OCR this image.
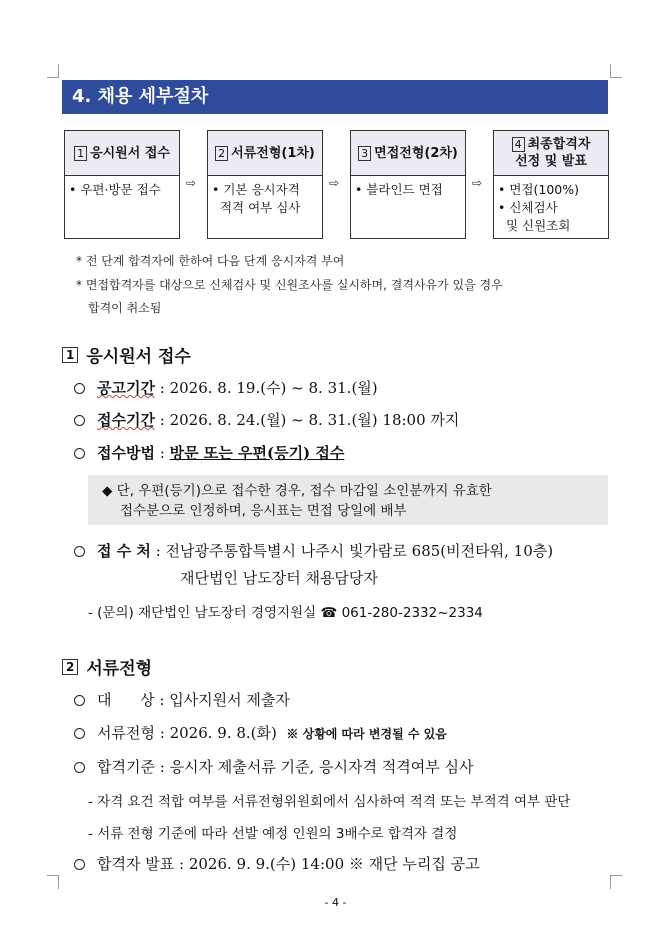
4. 채용 세부절차
1 응시원서 접수
• 우편·방문 접수	⇨
2 서류전형(1차)
• 기본 응시자격
적격 여부 심사
⇨
3 면접전형(2차)
• 블라인드 면접	⇨
4 최종합격자
선정 및 발표
• 면접(100%)
• 신체검사
및 신원조회
* 전 단계 합격자에 한하여 다음 단계 응시자격 부여
* 면접합격자를 대상으로 신체검사 및 신원조사를 실시하며, 결격사유가 있을 경우
합격이 취소됨
1 응시원서 접수
공고기간 : 2026. 8. 19.(수) ~ 8. 31.(월)
접수기간 : 2026. 8. 24.(월) ~ 8. 31.(월) 18:00 까지
접수방법 : 방문 또는 우편(등기) 접수
◆ 단, 우편(등기)으로 접수한 경우, 접수 마감일 소인분까지 유효한
접수분으로 인정하며, 응시표는 면접 당일에 배부
접 수 처 : 전남광주통합특별시 나주시 빛가람로 685(비전타워, 10층)
재단법인 남도장터 채용담당자
- (문의) 재단법인 남도장터 경영지원실 ☎ 061-280-2332~2334
2 서류전형
대      상 : 입사지원서 제출자
서류전형 : 2026. 9. 8.(화) ※ 상황에 따라 변경될 수 있음
합격기준 : 응시자 제출서류 기준, 응시자격 적격여부 심사
- 자격 요건 적합 여부를 서류전형위원회에서 심사하여 적격 또는 부적격 여부 판단
- 서류 전형 기준에 따라 선발 예정 인원의 3배수로 합격자 결정
합격자 발표 : 2026. 9. 9.(수) 14:00 ※ 재단 누리집 공고
- 4 -
